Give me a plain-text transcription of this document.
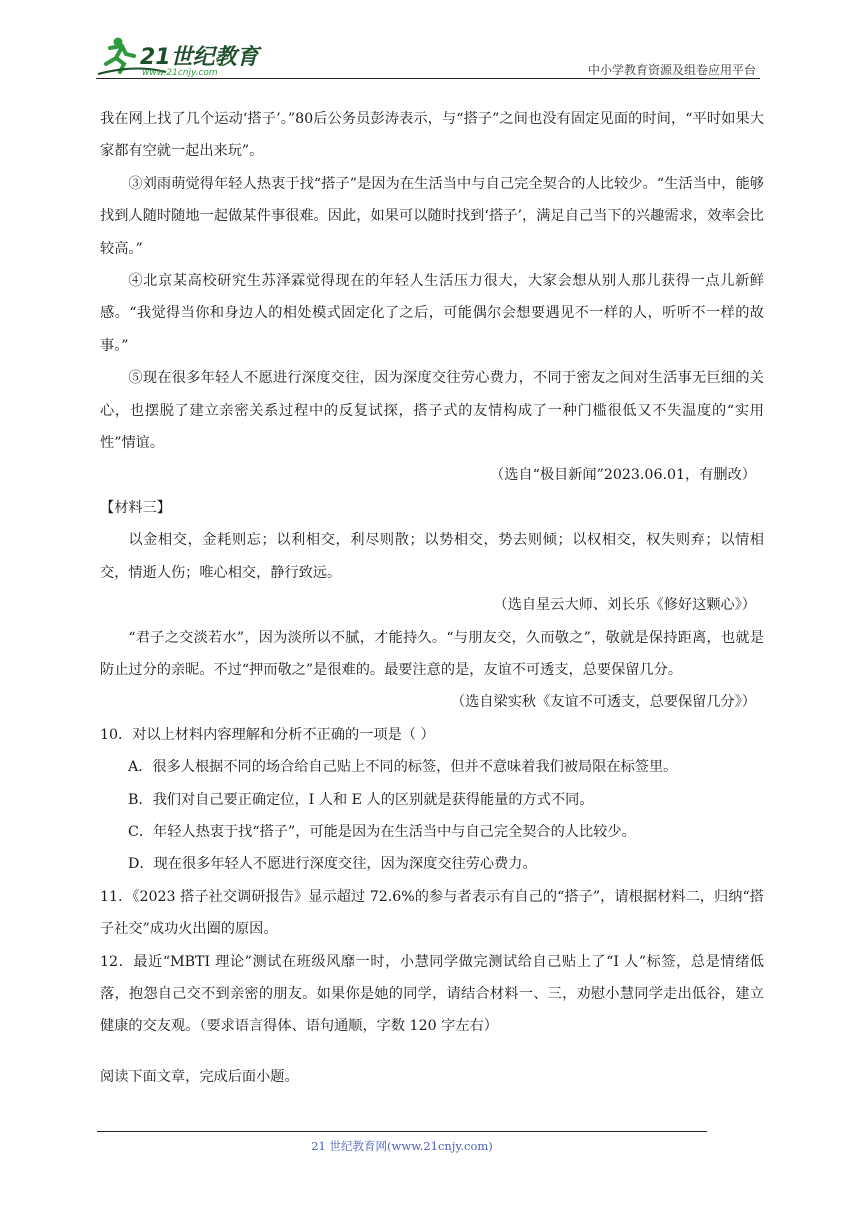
21世纪教育
www.21cnjy.com	中小学教育资源及组卷应用平台

我在网上找了几个运动‘搭子’。”80后公务员彭涛表示，与“搭子”之间也没有固定见面的时间，“平时如果大家都有空就一起出来玩”。

③刘雨萌觉得年轻人热衷于找“搭子”是因为在生活当中与自己完全契合的人比较少。“生活当中，能够找到人随时随地一起做某件事很难。因此，如果可以随时找到‘搭子’，满足自己当下的兴趣需求，效率会比较高。”

④北京某高校研究生苏泽霖觉得现在的年轻人生活压力很大，大家会想从别人那儿获得一点儿新鲜感。“我觉得当你和身边人的相处模式固定化了之后，可能偶尔会想要遇见不一样的人，听听不一样的故事。”

⑤现在很多年轻人不愿进行深度交往，因为深度交往劳心费力，不同于密友之间对生活事无巨细的关心，也摆脱了建立亲密关系过程中的反复试探，搭子式的友情构成了一种门槛很低又不失温度的“实用性”情谊。

（选自“极目新闻”2023.06.01，有删改）

【材料三】

以金相交，金耗则忘；以利相交，利尽则散；以势相交，势去则倾；以权相交，权失则弃；以情相交，情逝人伤；唯心相交，静行致远。

（选自星云大师、刘长乐《修好这颗心》）

“君子之交淡若水”，因为淡所以不腻，才能持久。“与朋友交，久而敬之”，敬就是保持距离，也就是防止过分的亲昵。不过“押而敬之”是很难的。最要注意的是，友谊不可透支，总要保留几分。

（选自梁实秋《友谊不可透支，总要保留几分》）

10．对以上材料内容理解和分析不正确的一项是（ ）

A．很多人根据不同的场合给自己贴上不同的标签，但并不意味着我们被局限在标签里。

B．我们对自己要正确定位，I 人和 E 人的区别就是获得能量的方式不同。

C．年轻人热衷于找“搭子”，可能是因为在生活当中与自己完全契合的人比较少。

D．现在很多年轻人不愿进行深度交往，因为深度交往劳心费力。

11．《2023 搭子社交调研报告》显示超过 72.6%的参与者表示有自己的“搭子”，请根据材料二，归纳“搭子社交”成功火出圈的原因。

12．最近“MBTI 理论”测试在班级风靡一时，小慧同学做完测试给自己贴上了“I 人”标签，总是情绪低落，抱怨自己交不到亲密的朋友。如果你是她的同学，请结合材料一、三，劝慰小慧同学走出低谷，建立健康的交友观。（要求语言得体、语句通顺，字数 120 字左右）

阅读下面文章，完成后面小题。

21 世纪教育网(www.21cnjy.com)
